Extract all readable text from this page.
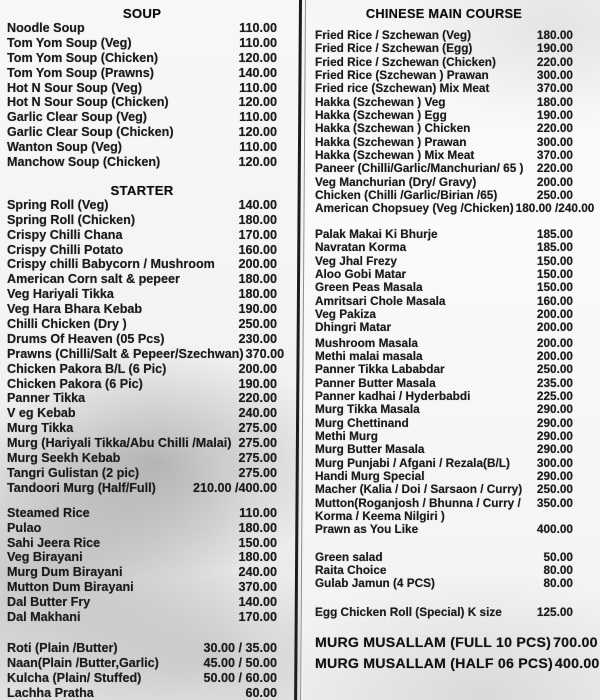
SOUP
Noodle Soup	110.00
Tom Yom Soup (Veg)	110.00
Tom Yom Soup (Chicken)	120.00
Tom Yom Soup (Prawns)	140.00
Hot N Sour Soup (Veg)	110.00
Hot N Sour Soup (Chicken)	120.00
Garlic Clear Soup (Veg)	110.00
Garlic Clear Soup (Chicken)	120.00
Wanton Soup (Veg)	110.00
Manchow Soup (Chicken)	120.00
STARTER
Spring Roll (Veg)	140.00
Spring Roll (Chicken)	180.00
Crispy Chilli Chana	170.00
Crispy Chilli Potato	160.00
Crispy chilli Babycorn / Mushroom 200.00
American Corn salt & pepeer	180.00
Veg Hariyali Tikka	180.00
Veg Hara Bhara Kebab	190.00
Chilli Chicken (Dry )	250.00
Drums Of Heaven (05 Pcs)	230.00
Prawns (Chilli/Salt & Pepeer/Szechwan) 370.00
Chicken Pakora B/L (6 Pic)	200.00
Chicken Pakora (6 Pic)	190.00
Panner Tikka	220.00
V eg Kebab	240.00
Murg Tikka	275.00
Murg (Hariyali Tikka/Abu Chilli /Malai) 275.00
Murg Seekh Kebab	275.00
Tangri Gulistan (2 pic)	275.00
Tandoori Murg (Half/Full)	210.00 /400.00
Steamed Rice	110.00
Pulao	180.00
Sahi Jeera Rice	150.00
Veg Birayani	180.00
Murg Dum Birayani	240.00
Mutton Dum Birayani	370.00
Dal Butter Fry	140.00
Dal Makhani	170.00
Roti (Plain /Butter)	30.00 / 35.00
Naan(Plain /Butter,Garlic)	45.00 / 50.00
Kulcha (Plain/ Stuffed)	50.00 / 60.00
Lachha Pratha	60.00
CHINESE MAIN COURSE
Fried Rice / Szchewan (Veg)	180.00
Fried Rice / Szchewan (Egg)	190.00
Fried Rice / Szchewan (Chicken)	220.00
Fried Rice (Szchewan ) Prawan	300.00
Fried rice (Szchewan) Mix Meat	370.00
Hakka (Szchewan ) Veg	180.00
Hakka (Szchewan ) Egg	190.00
Hakka (Szchewan ) Chicken	220.00
Hakka (Szchewan ) Prawan	300.00
Hakka (Szchewan ) Mix Meat	370.00
Paneer (Chilli/Garlic/Manchurian/ 65 ) 220.00
Veg Manchurian (Dry/ Gravy)	200.00
Chicken (Chilli /Garlic/Birian /65)	250.00
American Chopsuey (Veg /Chicken) 180.00 /240.00
Palak Makai Ki Bhurje	185.00
Navratan Korma	185.00
Veg Jhal Frezy	150.00
Aloo Gobi Matar	150.00
Green Peas Masala	150.00
Amritsari Chole Masala	160.00
Veg Pakiza	200.00
Dhingri Matar	200.00
Mushroom Masala	200.00
Methi malai masala	200.00
Panner Tikka Lababdar	250.00
Panner Butter Masala	235.00
Panner kadhai / Hyderbabdi	225.00
Murg Tikka Masala	290.00
Murg Chettinand	290.00
Methi Murg	290.00
Murg Butter Masala	290.00
Murg Punjabi / Afgani / Rezala(B/L) 300.00
Handi Murg Special	290.00
Macher (Kalia / Doi / Sarsaon / Curry) 250.00
Mutton(Roganjosh / Bhunna / Curry / 350.00
Korma / Keema Nilgiri )
Prawn as You Like	400.00
Green salad	50.00
Raita Choice	80.00
Gulab Jamun (4 PCS)	80.00
Egg Chicken Roll (Special) K size	125.00
MURG MUSALLAM (FULL 10 PCS) 700.00
MURG MUSALLAM (HALF 06 PCS) 400.00
